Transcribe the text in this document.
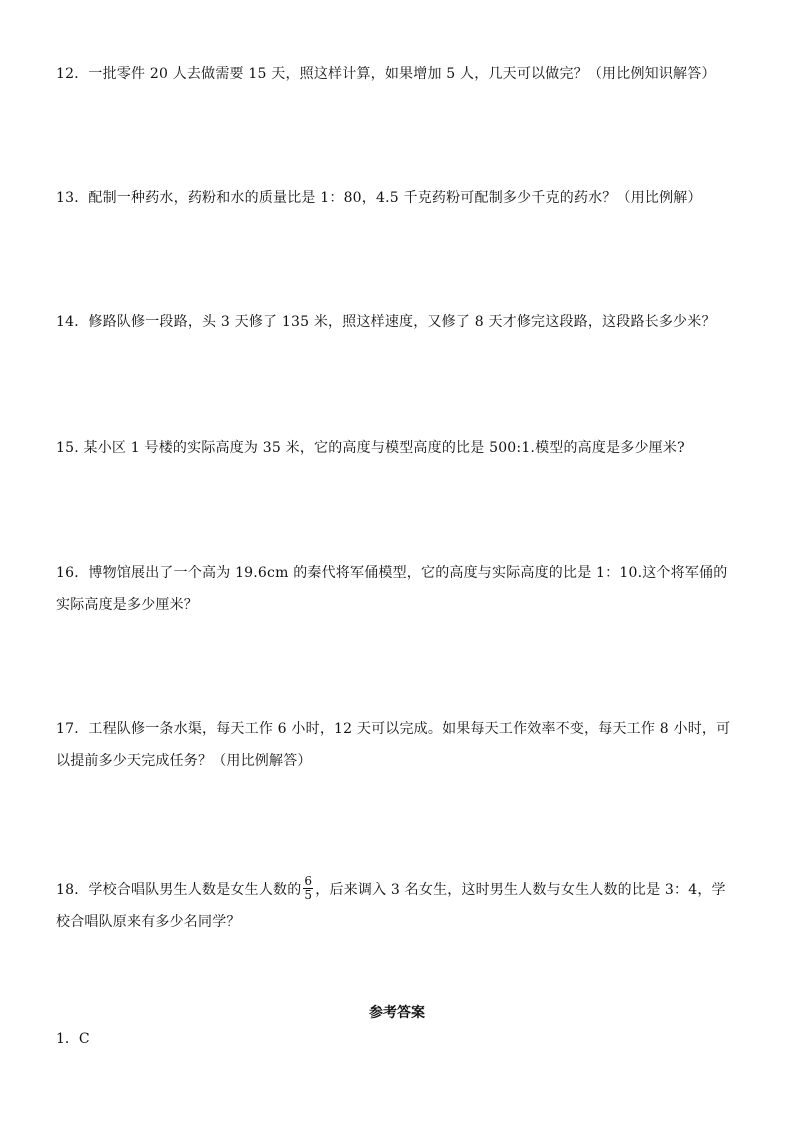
12．一批零件 20 人去做需要 15 天，照这样计算，如果增加 5 人，几天可以做完？（用比例知识解答）
13．配制一种药水，药粉和水的质量比是 1：80，4.5 千克药粉可配制多少千克的药水？（用比例解）
14．修路队修一段路，头 3 天修了 135 米，照这样速度，又修了 8 天才修完这段路，这段路长多少米？
15. 某小区 1 号楼的实际高度为 35 米，它的高度与模型高度的比是 500:1.模型的高度是多少厘米?
16．博物馆展出了一个高为 19.6cm 的秦代将军俑模型，它的高度与实际高度的比是 1：10.这个将军俑的实际高度是多少厘米？
17．工程队修一条水渠，每天工作 6 小时，12 天可以完成。如果每天工作效率不变，每天工作 8 小时，可以提前多少天完成任务？（用比例解答）
18．学校合唱队男生人数是女生人数的 $\frac{6}{5}$ ，后来调入 3 名女生，这时男生人数与女生人数的比是 3：4，学校合唱队原来有多少名同学？
参考答案
1．C
